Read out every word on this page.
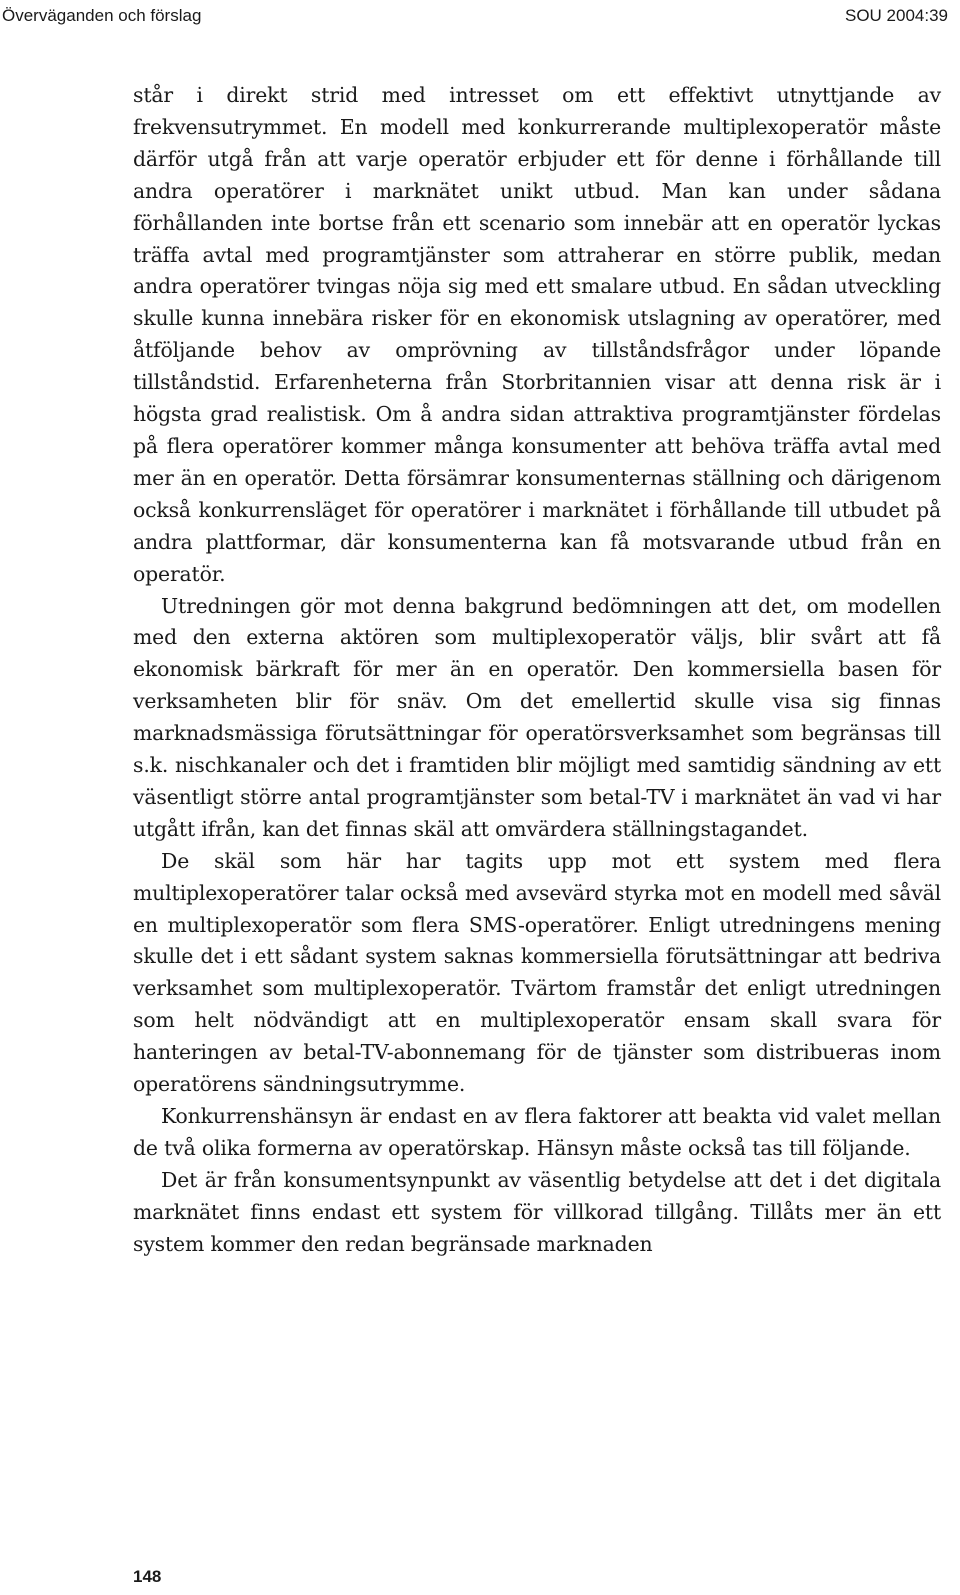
Överväganden och förslag	SOU 2004:39

står i direkt strid med intresset om ett effektivt utnyttjande av frekvensutrymmet. En modell med konkurrerande multiplexoperatör måste därför utgå från att varje operatör erbjuder ett för denne i förhållande till andra operatörer i marknätet unikt utbud. Man kan under sådana förhållanden inte bortse från ett scenario som innebär att en operatör lyckas träffa avtal med programtjänster som attraherar en större publik, medan andra operatörer tvingas nöja sig med ett smalare utbud. En sådan utveckling skulle kunna innebära risker för en ekonomisk utslagning av operatörer, med åtföljande behov av omprövning av tillståndsfrågor under löpande tillståndstid. Erfarenheterna från Storbritannien visar att denna risk är i högsta grad realistisk. Om å andra sidan attraktiva programtjänster fördelas på flera operatörer kommer många konsumenter att behöva träffa avtal med mer än en operatör. Detta försämrar konsumenternas ställning och därigenom också konkurrensläget för operatörer i marknätet i förhållande till utbudet på andra plattformar, där konsumenterna kan få motsvarande utbud från en operatör.

Utredningen gör mot denna bakgrund bedömningen att det, om modellen med den externa aktören som multiplexoperatör väljs, blir svårt att få ekonomisk bärkraft för mer än en operatör. Den kommersiella basen för verksamheten blir för snäv. Om det emellertid skulle visa sig finnas marknadsmässiga förutsättningar för operatörsverksamhet som begränsas till s.k. nischkanaler och det i framtiden blir möjligt med samtidig sändning av ett väsentligt större antal programtjänster som betal-TV i marknätet än vad vi har utgått ifrån, kan det finnas skäl att omvärdera ställningstagandet.

De skäl som här har tagits upp mot ett system med flera multiplexoperatörer talar också med avsevärd styrka mot en modell med såväl en multiplexoperatör som flera SMS-operatörer. Enligt utredningens mening skulle det i ett sådant system saknas kommersiella förutsättningar att bedriva verksamhet som multiplexoperatör. Tvärtom framstår det enligt utredningen som helt nödvändigt att en multiplexoperatör ensam skall svara för hanteringen av betal-TV-abonnemang för de tjänster som distribueras inom operatörens sändningsutrymme.

Konkurrenshänsyn är endast en av flera faktorer att beakta vid valet mellan de två olika formerna av operatörskap. Hänsyn måste också tas till följande.

Det är från konsumentsynpunkt av väsentlig betydelse att det i det digitala marknätet finns endast ett system för villkorad tillgång. Tillåts mer än ett system kommer den redan begränsade marknaden

148
